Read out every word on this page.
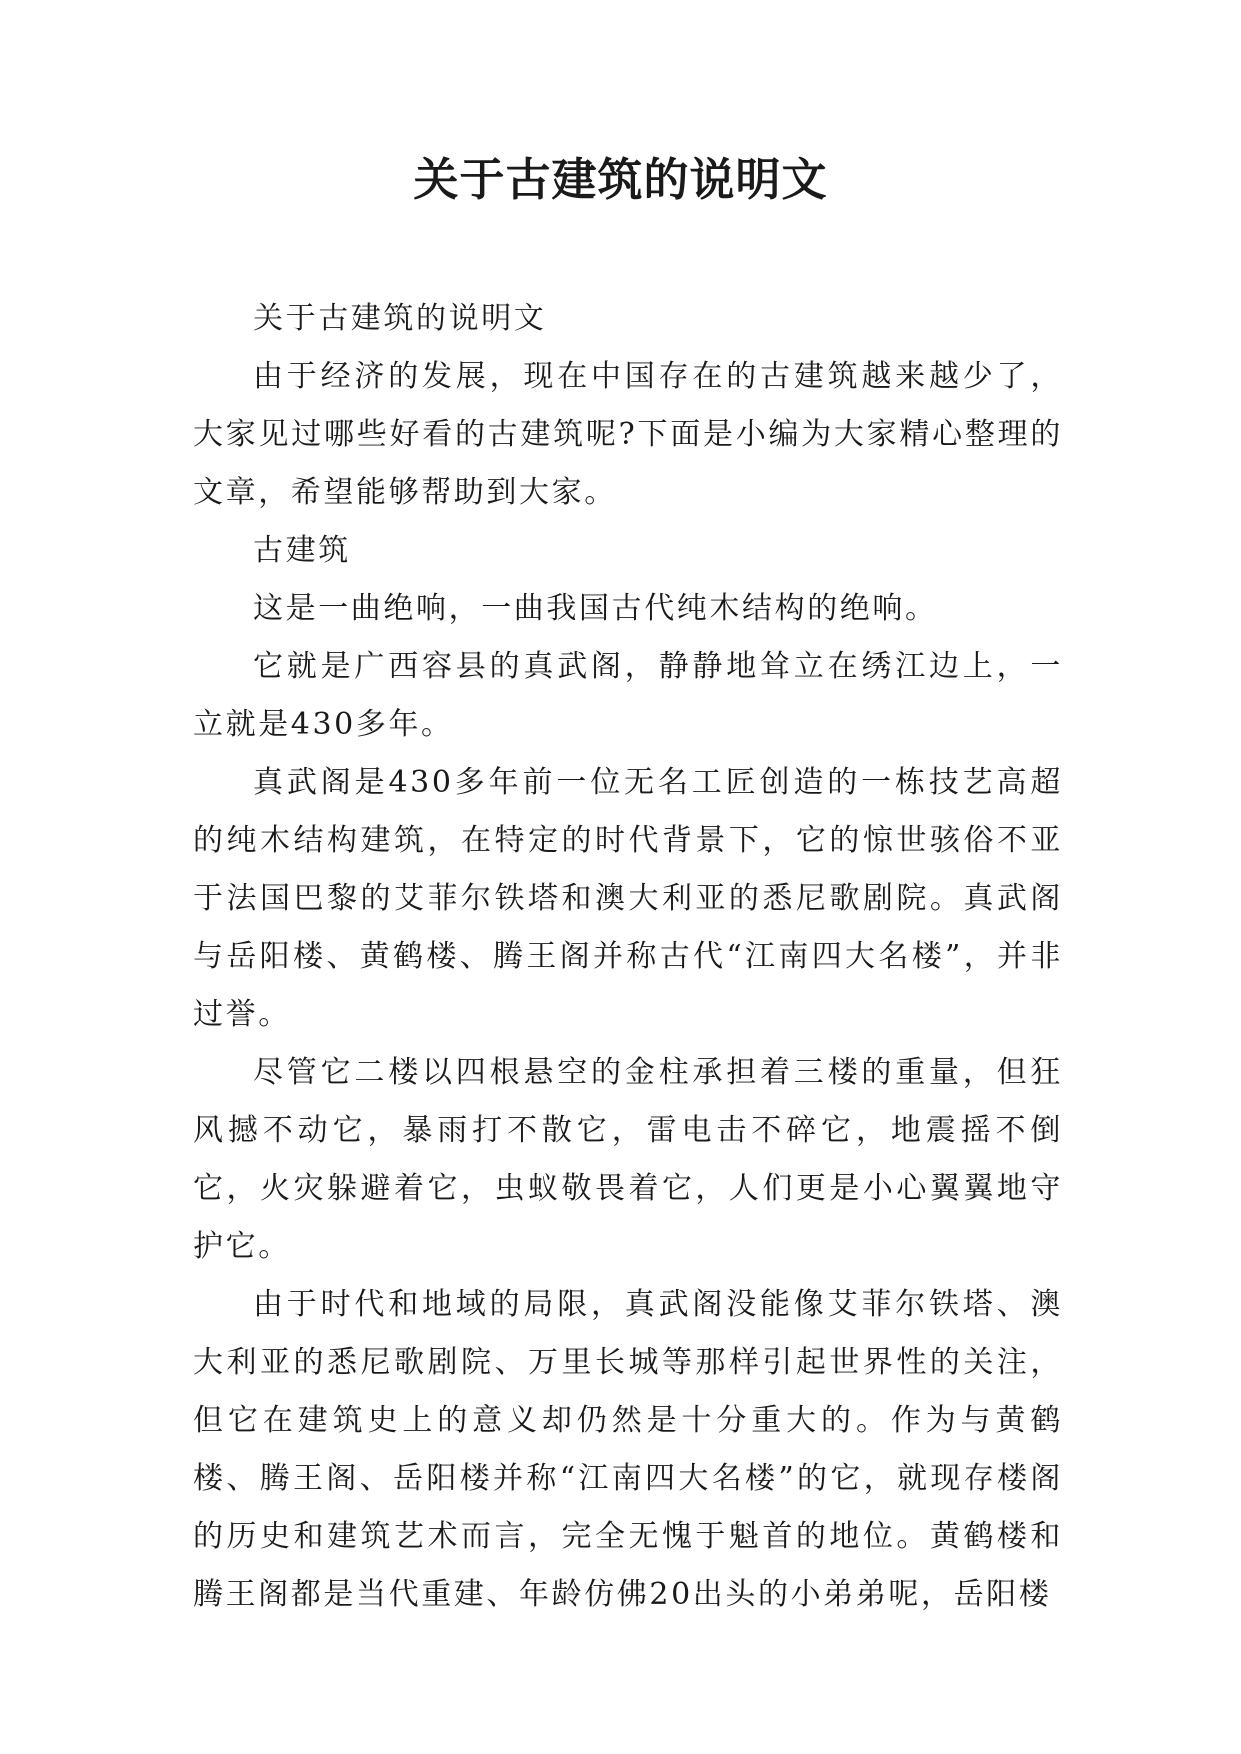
关于古建筑的说明文

关于古建筑的说明文

由于经济的发展，现在中国存在的古建筑越来越少了，大家见过哪些好看的古建筑呢?下面是小编为大家精心整理的文章，希望能够帮助到大家。

古建筑

这是一曲绝响，一曲我国古代纯木结构的绝响。

它就是广西容县的真武阁，静静地耸立在绣江边上，一立就是430多年。

真武阁是430多年前一位无名工匠创造的一栋技艺高超的纯木结构建筑，在特定的时代背景下，它的惊世骇俗不亚于法国巴黎的艾菲尔铁塔和澳大利亚的悉尼歌剧院。真武阁与岳阳楼、黄鹤楼、腾王阁并称古代“江南四大名楼”，并非过誉。

尽管它二楼以四根悬空的金柱承担着三楼的重量，但狂风撼不动它，暴雨打不散它，雷电击不碎它，地震摇不倒它，火灾躲避着它，虫蚁敬畏着它，人们更是小心翼翼地守护它。

由于时代和地域的局限，真武阁没能像艾菲尔铁塔、澳大利亚的悉尼歌剧院、万里长城等那样引起世界性的关注，但它在建筑史上的意义却仍然是十分重大的。作为与黄鹤楼、腾王阁、岳阳楼并称“江南四大名楼”的它，就现存楼阁的历史和建筑艺术而言，完全无愧于魁首的地位。黄鹤楼和腾王阁都是当代重建、年龄仿佛20出头的小弟弟呢，岳阳楼
